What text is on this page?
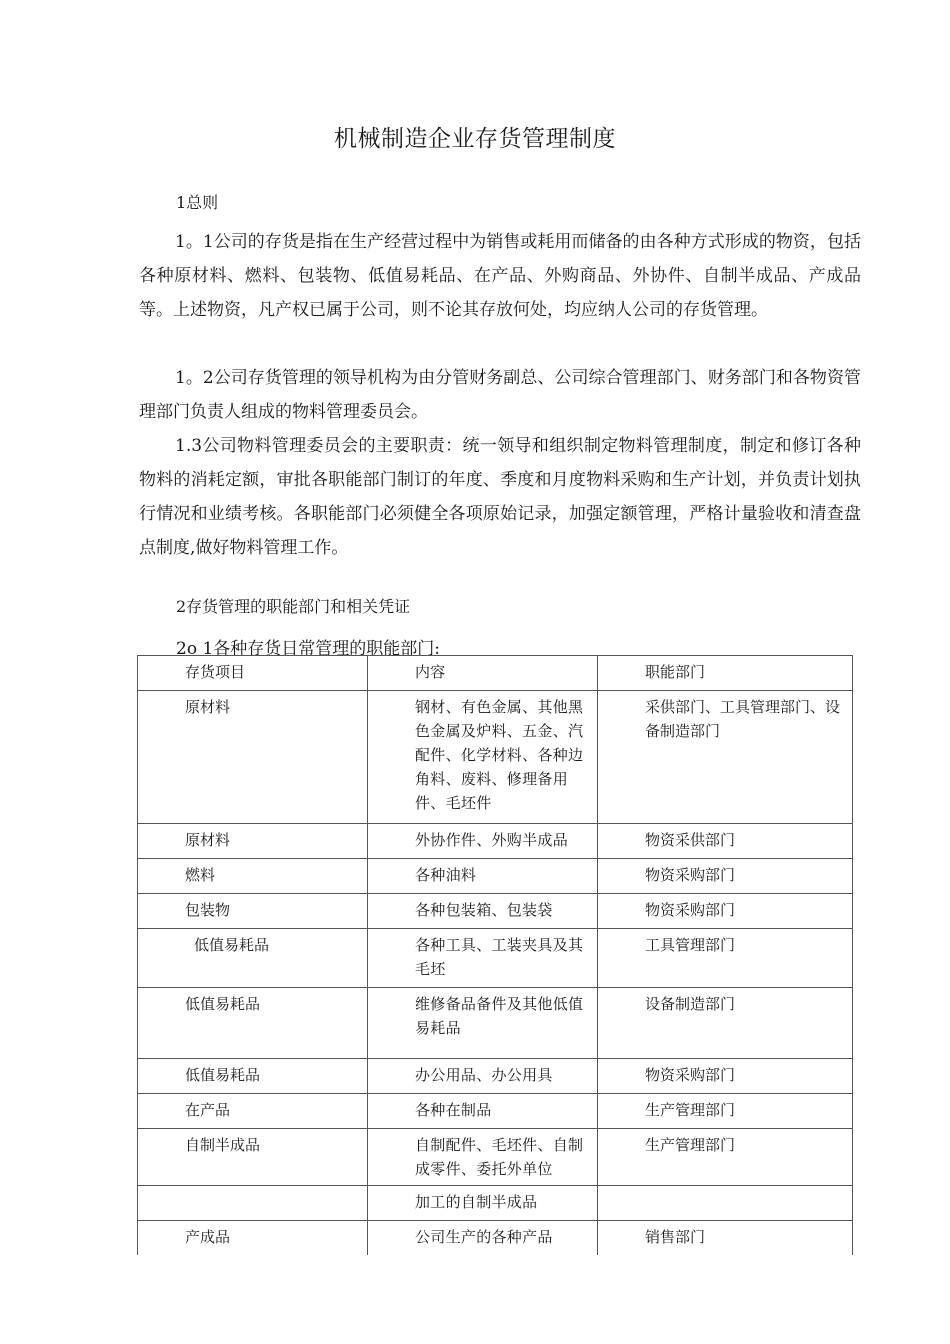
机械制造企业存货管理制度
1总则
1。1公司的存货是指在生产经营过程中为销售或耗用而储备的由各种方式形成的物资，包括各种原材料、燃料、包装物、低值易耗品、在产品、外购商品、外协件、自制半成品、产成品等。上述物资，凡产权已属于公司，则不论其存放何处，均应纳人公司的存货管理。
1。2公司存货管理的领导机构为由分管财务副总、公司综合管理部门、财务部门和各物资管理部门负责人组成的物料管理委员会。
1.3公司物料管理委员会的主要职责：统一领导和组织制定物料管理制度，制定和修订各种物料的消耗定额，审批各职能部门制订的年度、季度和月度物料采购和生产计划，并负责计划执行情况和业绩考核。各职能部门必须健全各项原始记录，加强定额管理，严格计量验收和清查盘点制度,做好物料管理工作。
2存货管理的职能部门和相关凭证
2o 1各种存货日常管理的职能部门:
存货项目	内容	职能部门
原材料	钢材、有色金属、其他黑色金属及炉料、五金、汽配件、化学材料、各种边角料、废料、修理备用件、毛坯件	采供部门、工具管理部门、设备制造部门
原材料	外协作件、外购半成品	物资采供部门
燃料	各种油料	物资采购部门
包装物	各种包装箱、包装袋	物资采购部门
低值易耗品	各种工具、工装夹具及其毛坯	工具管理部门
低值易耗品	维修备品备件及其他低值易耗品	设备制造部门
低值易耗品	办公用品、办公用具	物资采购部门
在产品	各种在制品	生产管理部门
自制半成品	自制配件、毛坯件、自制成零件、委托外单位	生产管理部门
	加工的自制半成品	
产成品	公司生产的各种产品	销售部门
